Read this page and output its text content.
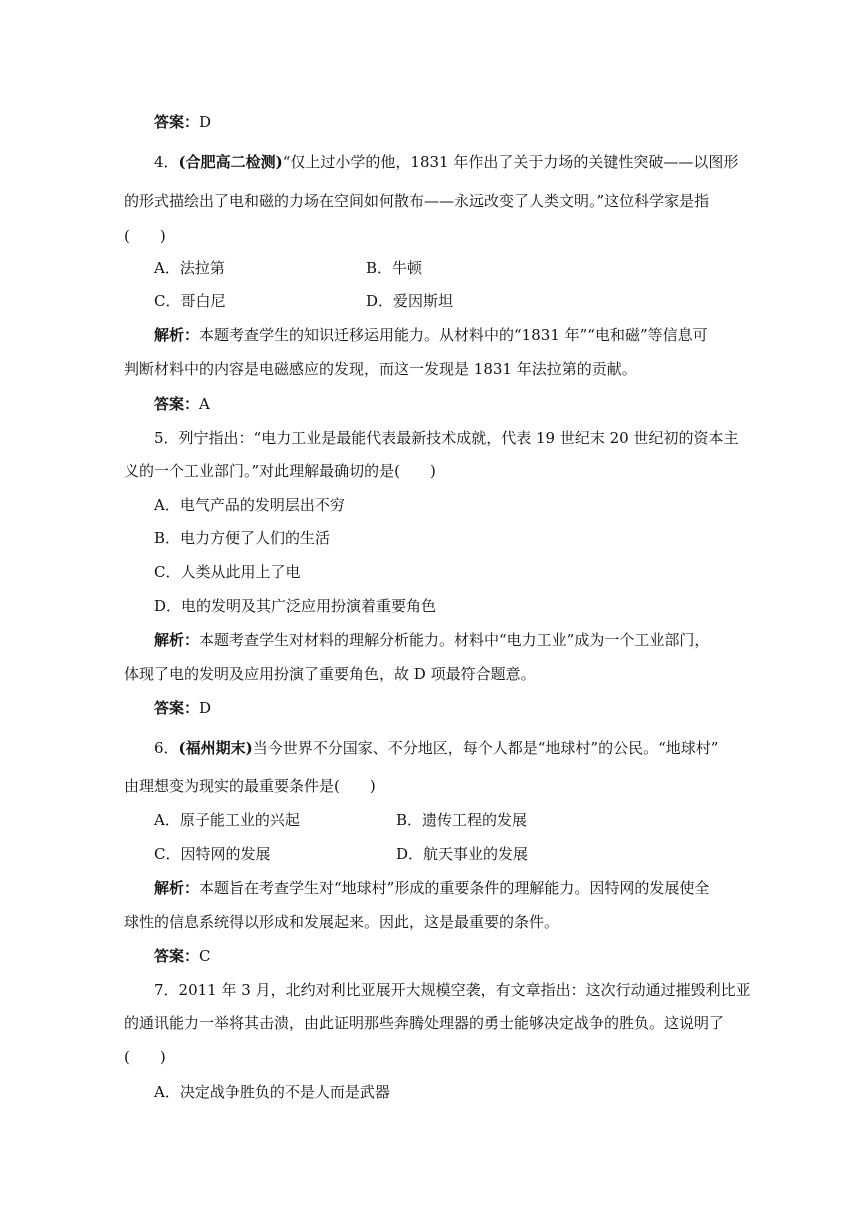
答案：D
4．(合肥高二检测)“仅上过小学的他，1831 年作出了关于力场的关键性突破——以图形
的形式描绘出了电和磁的力场在空间如何散布——永远改变了人类文明。”这位科学家是指
(　　)
A．法拉第	B．牛顿
C．哥白尼	D．爱因斯坦
解析：本题考查学生的知识迁移运用能力。从材料中的“1831 年”“电和磁”等信息可
判断材料中的内容是电磁感应的发现，而这一发现是 1831 年法拉第的贡献。
答案：A
5．列宁指出：“电力工业是最能代表最新技术成就，代表 19 世纪末 20 世纪初的资本主
义的一个工业部门。”对此理解最确切的是(　　)
A．电气产品的发明层出不穷
B．电力方便了人们的生活
C．人类从此用上了电
D．电的发明及其广泛应用扮演着重要角色
解析：本题考查学生对材料的理解分析能力。材料中“电力工业”成为一个工业部门，
体现了电的发明及应用扮演了重要角色，故 D 项最符合题意。
答案：D
6．(福州期末)当今世界不分国家、不分地区，每个人都是“地球村”的公民。“地球村”
由理想变为现实的最重要条件是(　　)
A．原子能工业的兴起	B．遗传工程的发展
C．因特网的发展	D．航天事业的发展
解析：本题旨在考查学生对“地球村”形成的重要条件的理解能力。因特网的发展使全
球性的信息系统得以形成和发展起来。因此，这是最重要的条件。
答案：C
7．2011 年 3 月，北约对利比亚展开大规模空袭，有文章指出：这次行动通过摧毁利比亚
的通讯能力一举将其击溃，由此证明那些奔腾处理器的勇士能够决定战争的胜负。这说明了
(　　)
A．决定战争胜负的不是人而是武器
